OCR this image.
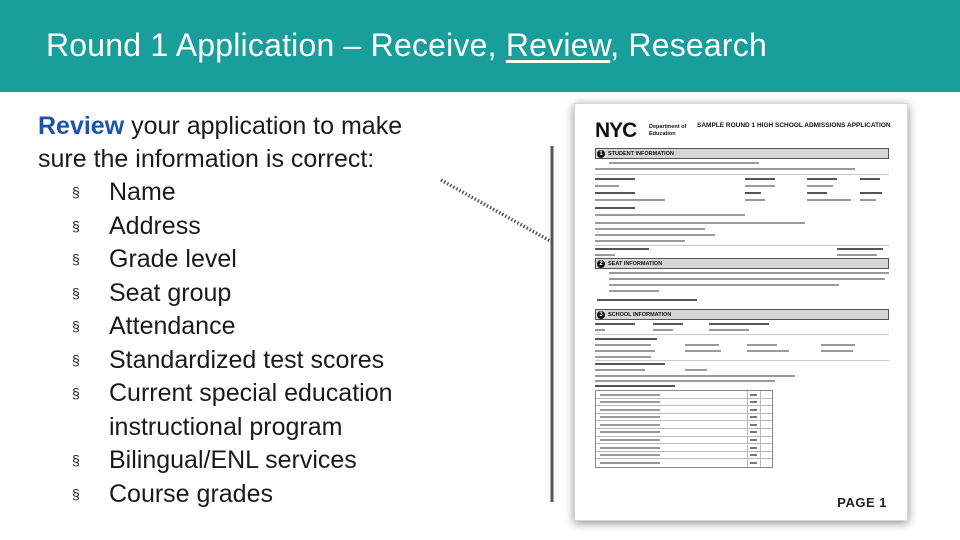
Round 1 Application – Receive, Review, Research
Review your application to make sure the information is correct:
§ Name
§ Address
§ Grade level
§ Seat group
§ Attendance
§ Standardized test scores
§ Current special education instructional program
§ Bilingual/ENL services
§ Course grades
NYC Department of Education
SAMPLE ROUND 1 HIGH SCHOOL ADMISSIONS APPLICATION
1 STUDENT INFORMATION
2 SEAT INFORMATION
3 SCHOOL INFORMATION
PAGE 1
